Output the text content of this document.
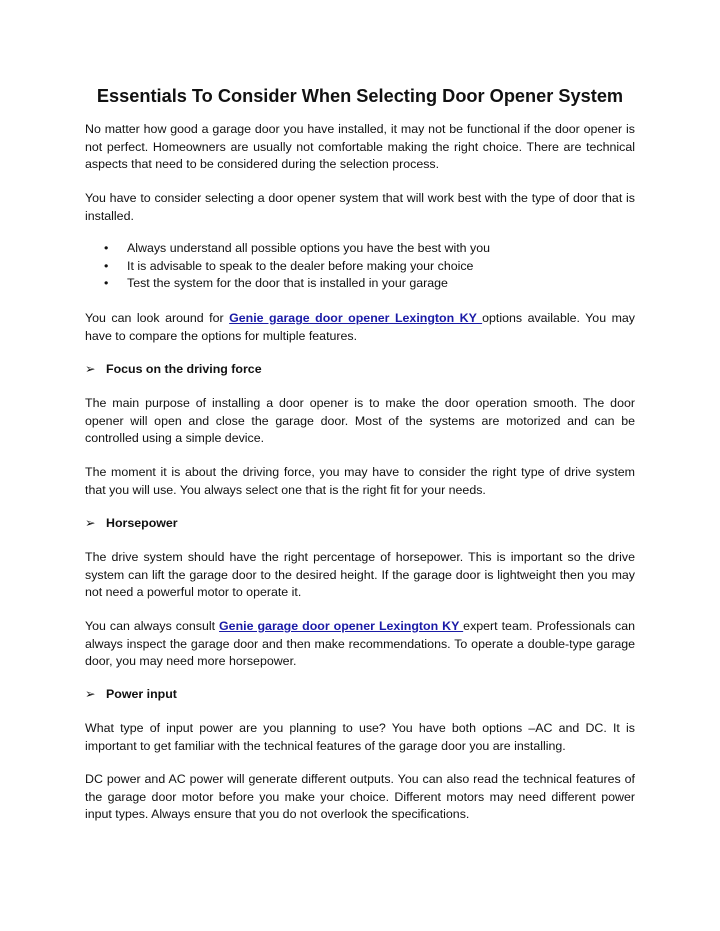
Essentials To Consider When Selecting Door Opener System

No matter how good a garage door you have installed, it may not be functional if the door opener is not perfect. Homeowners are usually not comfortable making the right choice. There are technical aspects that need to be considered during the selection process.

You have to consider selecting a door opener system that will work best with the type of door that is installed.

• Always understand all possible options you have the best with you
• It is advisable to speak to the dealer before making your choice
• Test the system for the door that is installed in your garage

You can look around for Genie garage door opener Lexington KY options available. You may have to compare the options for multiple features.

➢ Focus on the driving force

The main purpose of installing a door opener is to make the door operation smooth. The door opener will open and close the garage door. Most of the systems are motorized and can be controlled using a simple device.

The moment it is about the driving force, you may have to consider the right type of drive system that you will use. You always select one that is the right fit for your needs.

➢ Horsepower

The drive system should have the right percentage of horsepower. This is important so the drive system can lift the garage door to the desired height. If the garage door is lightweight then you may not need a powerful motor to operate it.

You can always consult Genie garage door opener Lexington KY expert team. Professionals can always inspect the garage door and then make recommendations. To operate a double-type garage door, you may need more horsepower.

➢ Power input

What type of input power are you planning to use? You have both options –AC and DC. It is important to get familiar with the technical features of the garage door you are installing.

DC power and AC power will generate different outputs. You can also read the technical features of the garage door motor before you make your choice. Different motors may need different power input types. Always ensure that you do not overlook the specifications.
